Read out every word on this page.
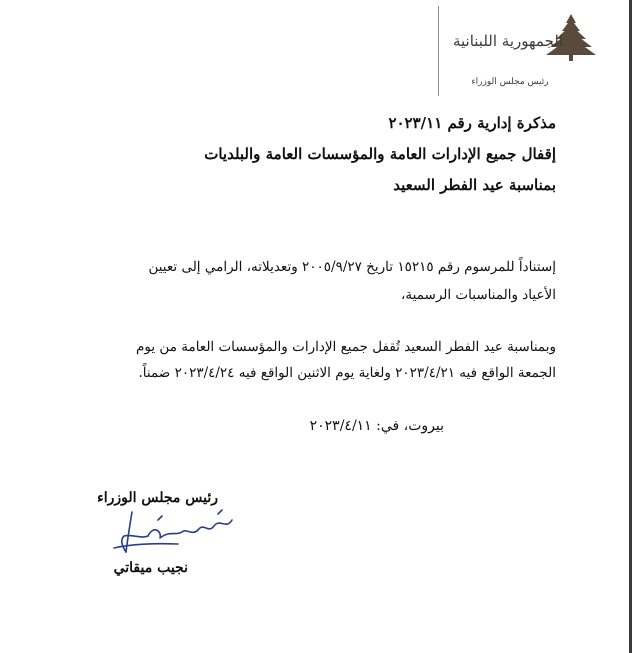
الجمهورية اللبنانية
رئيس مجلس الوزراء

مذكرة إدارية رقم ٢٠٢٣/١١

إقفال جميع الإدارات العامة والمؤسسات العامة والبلديات

بمناسبة عيد الفطر السعيد

إستناداً للمرسوم رقم ١٥٢١٥ تاريخ ٢٠٠٥/٩/٢٧ وتعديلاته، الرامي إلى تعيين

الأعياد والمناسبات الرسمية،

وبمناسبة عيد الفطر السعيد تُقفل جميع الإدارات والمؤسسات العامة من يوم

الجمعة الواقع فيه ٢٠٢٣/٤/٢١ ولغاية يوم الاثنين الواقع فيه ٢٠٢٣/٤/٢٤ ضمناً.

بيروت، في: ٢٠٢٣/٤/١١

رئيس مجلس الوزراء
نجيب ميقاتي
